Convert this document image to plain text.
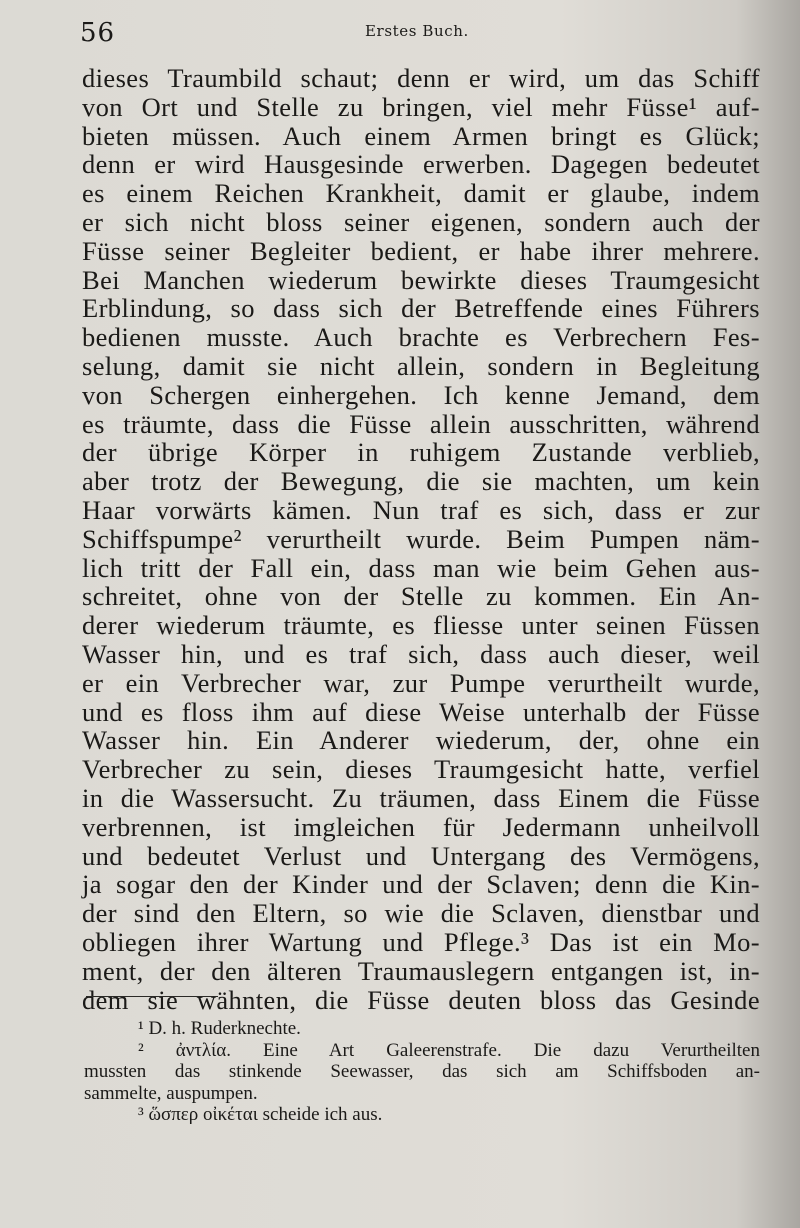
56	Erstes Buch.
dieses Traumbild schaut; denn er wird, um das Schiff
von Ort und Stelle zu bringen, viel mehr Füsse¹ auf-
bieten müssen. Auch einem Armen bringt es Glück;
denn er wird Hausgesinde erwerben. Dagegen bedeutet
es einem Reichen Krankheit, damit er glaube, indem
er sich nicht bloss seiner eigenen, sondern auch der
Füsse seiner Begleiter bedient, er habe ihrer mehrere.
Bei Manchen wiederum bewirkte dieses Traumgesicht
Erblindung, so dass sich der Betreffende eines Führers
bedienen musste. Auch brachte es Verbrechern Fes-
selung, damit sie nicht allein, sondern in Begleitung
von Schergen einhergehen. Ich kenne Jemand, dem
es träumte, dass die Füsse allein ausschritten, während
der übrige Körper in ruhigem Zustande verblieb,
aber trotz der Bewegung, die sie machten, um kein
Haar vorwärts kämen. Nun traf es sich, dass er zur
Schiffspumpe² verurtheilt wurde. Beim Pumpen näm-
lich tritt der Fall ein, dass man wie beim Gehen aus-
schreitet, ohne von der Stelle zu kommen. Ein An-
derer wiederum träumte, es fliesse unter seinen Füssen
Wasser hin, und es traf sich, dass auch dieser, weil
er ein Verbrecher war, zur Pumpe verurtheilt wurde,
und es floss ihm auf diese Weise unterhalb der Füsse
Wasser hin. Ein Anderer wiederum, der, ohne ein
Verbrecher zu sein, dieses Traumgesicht hatte, verfiel
in die Wassersucht. Zu träumen, dass Einem die Füsse
verbrennen, ist imgleichen für Jedermann unheilvoll
und bedeutet Verlust und Untergang des Vermögens,
ja sogar den der Kinder und der Sclaven; denn die Kin-
der sind den Eltern, so wie die Sclaven, dienstbar und
obliegen ihrer Wartung und Pflege.³ Das ist ein Mo-
ment, der den älteren Traumauslegern entgangen ist, in-
dem sie wähnten, die Füsse deuten bloss das Gesinde
¹ D. h. Ruderknechte.
² ἀντλία. Eine Art Galeerenstrafe. Die dazu Verurtheilten
mussten das stinkende Seewasser, das sich am Schiffsboden an-
sammelte, auspumpen.
³ ὥσπερ οἰκέται scheide ich aus.
